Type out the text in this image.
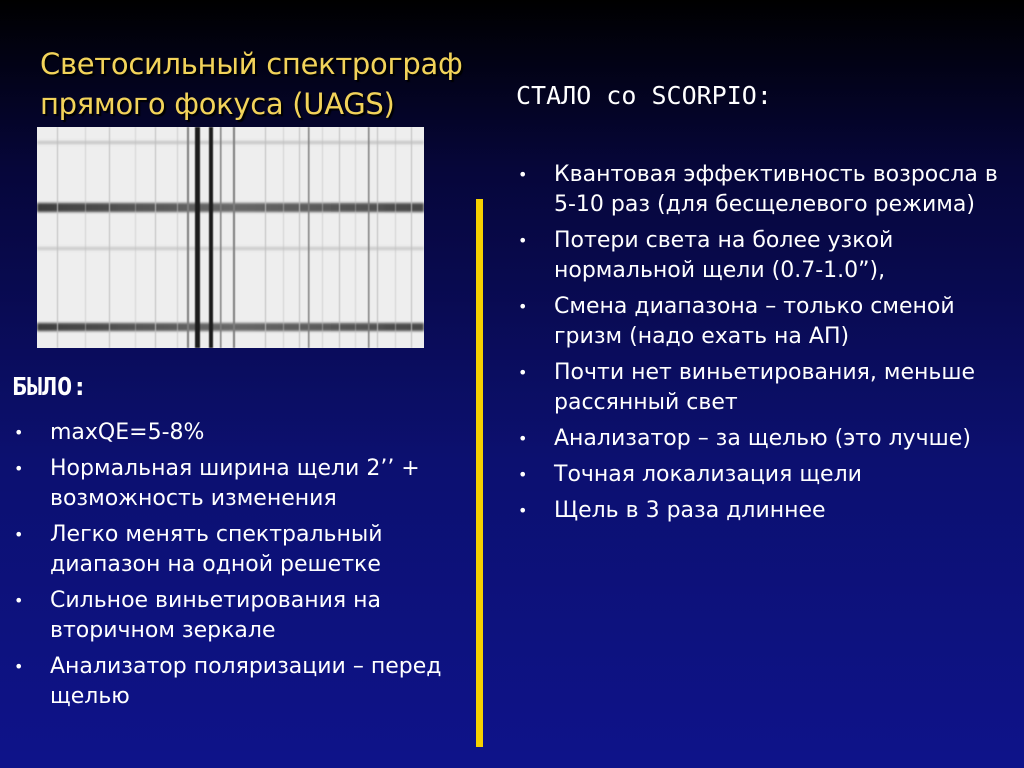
Светосильный спектрограф
прямого фокуса (UAGS)
БЫЛО:
•	maxQE=5-8%
•	Нормальная ширина щели 2’’ + возможность изменения
•	Легко менять спектральный диапазон на одной решетке
•	Сильное виньетирования на вторичном зеркале
•	Анализатор поляризации – перед щелью
СТАЛО со SCORPIO:
•	Квантовая эффективность возросла в 5-10 раз (для бесщелевого режима)
•	Потери света на более узкой нормальной щели (0.7-1.0”),
•	Смена диапазона – только сменой гризм (надо ехать на АП)
•	Почти нет виньетирования, меньше рассянный свет
•	Анализатор – за щелью (это лучше)
•	Точная локализация щели
•	Щель в 3 раза длиннее
